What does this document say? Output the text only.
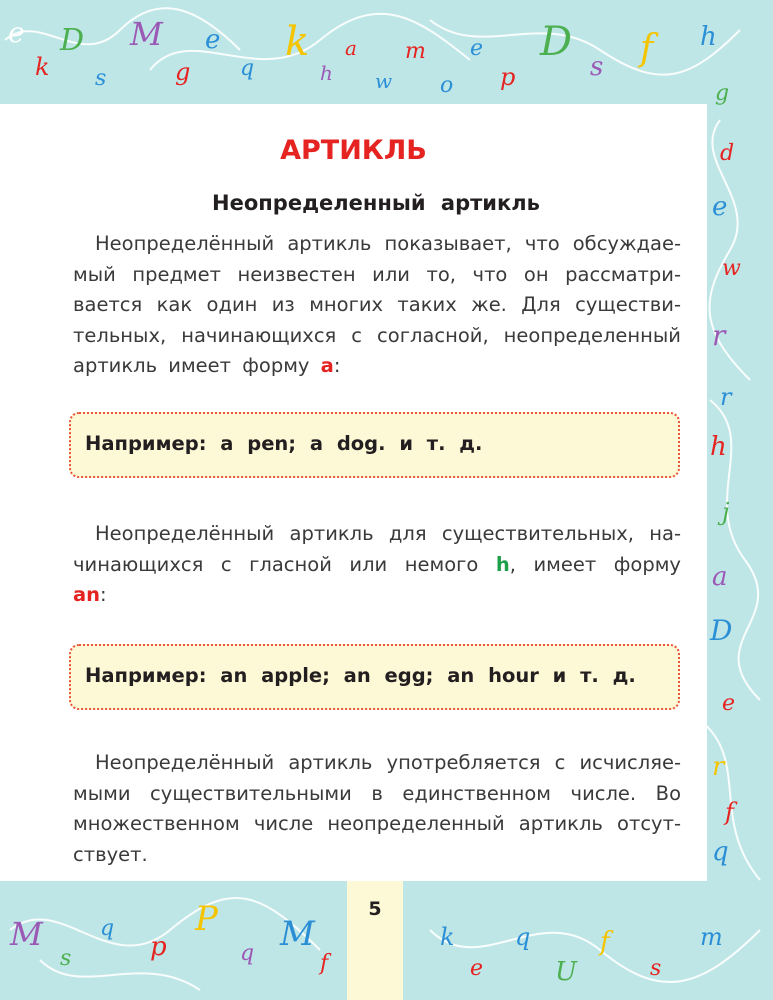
e
k
D
s
M
g
e
q
k
h
a
w
m
o
e
p
D
s f h
g
d
e
w
r
r
h
j
a
D
e
r
f
q
M
s
q
p
P
q M
f
k
e
q
U
f
s
m
АРТИКЛЬ
Неопределенный артикль
Неопределённый артикль показывает, что обсуждае-
мый предмет неизвестен или то, что он рассматри-
вается как один из многих таких же. Для существи-
тельных, начинающихся с согласной, неопределенный
артикль имеет форму a:
Например: a pen; a dog. и т. д.
Неопределённый артикль для существительных, на-
чинающихся с гласной или немого h, имеет форму
an:
Например: an apple; an egg; an hour и т. д.
Неопределённый артикль употребляется с исчисляе-
мыми существительными в единственном числе. Во
множественном числе неопределенный артикль отсут-
ствует.
5
